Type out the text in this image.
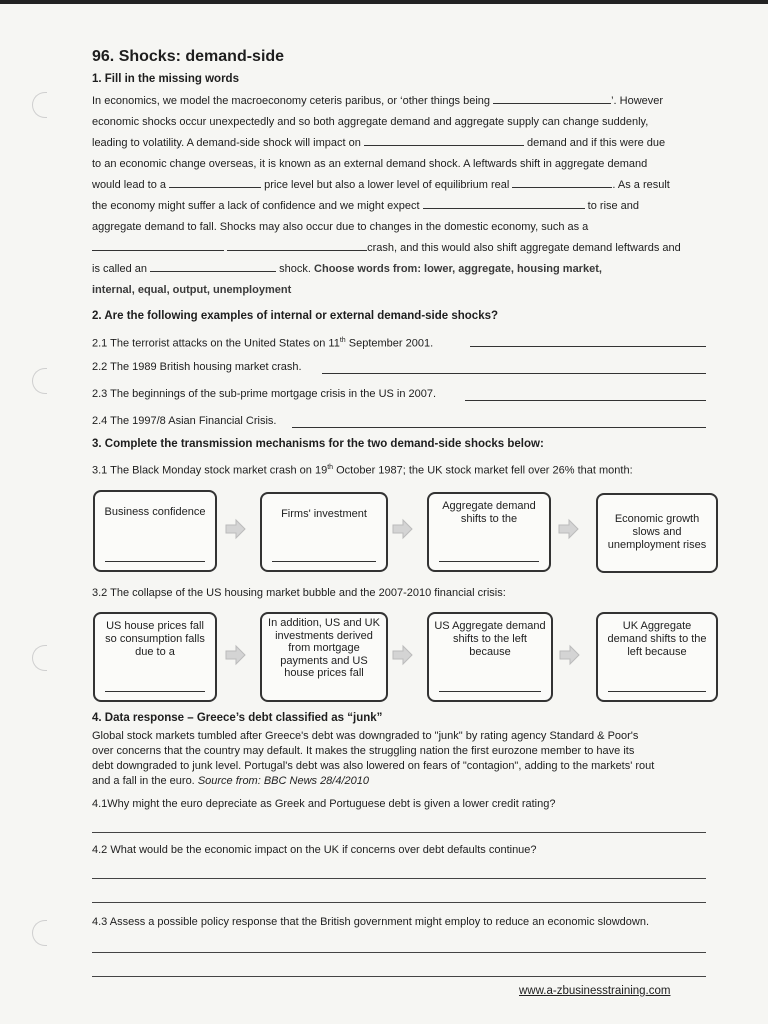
96. Shocks: demand-side
1. Fill in the missing words
In economics, we model the macroeconomy ceteris paribus, or ‘other things being	’. However
economic shocks occur unexpectedly and so both aggregate demand and aggregate supply can change suddenly,
leading to volatility. A demand-side shock will impact on	demand and if this were due
to an economic change overseas, it is known as an external demand shock. A leftwards shift in aggregate demand
would lead to a	price level but also a lower level of equilibrium real	. As a result
the economy might suffer a lack of confidence and we might expect	to rise and
aggregate demand to fall. Shocks may also occur due to changes in the domestic economy, such as a
crash, and this would also shift aggregate demand leftwards and
is called an	shock. Choose words from: lower, aggregate, housing market,
internal, equal, output, unemployment
2. Are the following examples of internal or external demand-side shocks?
2.1 The terrorist attacks on the United States on 11th September 2001.
2.2 The 1989 British housing market crash.
2.3 The beginnings of the sub-prime mortgage crisis in the US in 2007.
2.4 The 1997/8 Asian Financial Crisis.
3. Complete the transmission mechanisms for the two demand-side shocks below:
3.1 The Black Monday stock market crash on 19th October 1987; the UK stock market fell over 26% that month:
Business confidence	Firms' investment
Aggregate demand shifts to the	Economic growth slows and unemployment rises
3.2 The collapse of the US housing market bubble and the 2007-2010 financial crisis:
US house prices fall so consumption falls due to a
In addition, US and UK investments derived from mortgage payments and US house prices fall
US Aggregate demand shifts to the left because
UK Aggregate demand shifts to the left because
4. Data response – Greece’s debt classified as “junk”
Global stock markets tumbled after Greece's debt was downgraded to "junk" by rating agency Standard & Poor's
over concerns that the country may default. It makes the struggling nation the first eurozone member to have its
debt downgraded to junk level. Portugal's debt was also lowered on fears of "contagion", adding to the markets' rout
and a fall in the euro. Source from: BBC News 28/4/2010
4.1Why might the euro depreciate as Greek and Portuguese debt is given a lower credit rating?
4.2 What would be the economic impact on the UK if concerns over debt defaults continue?
4.3 Assess a possible policy response that the British government might employ to reduce an economic slowdown.
www.a-zbusinesstraining.com
